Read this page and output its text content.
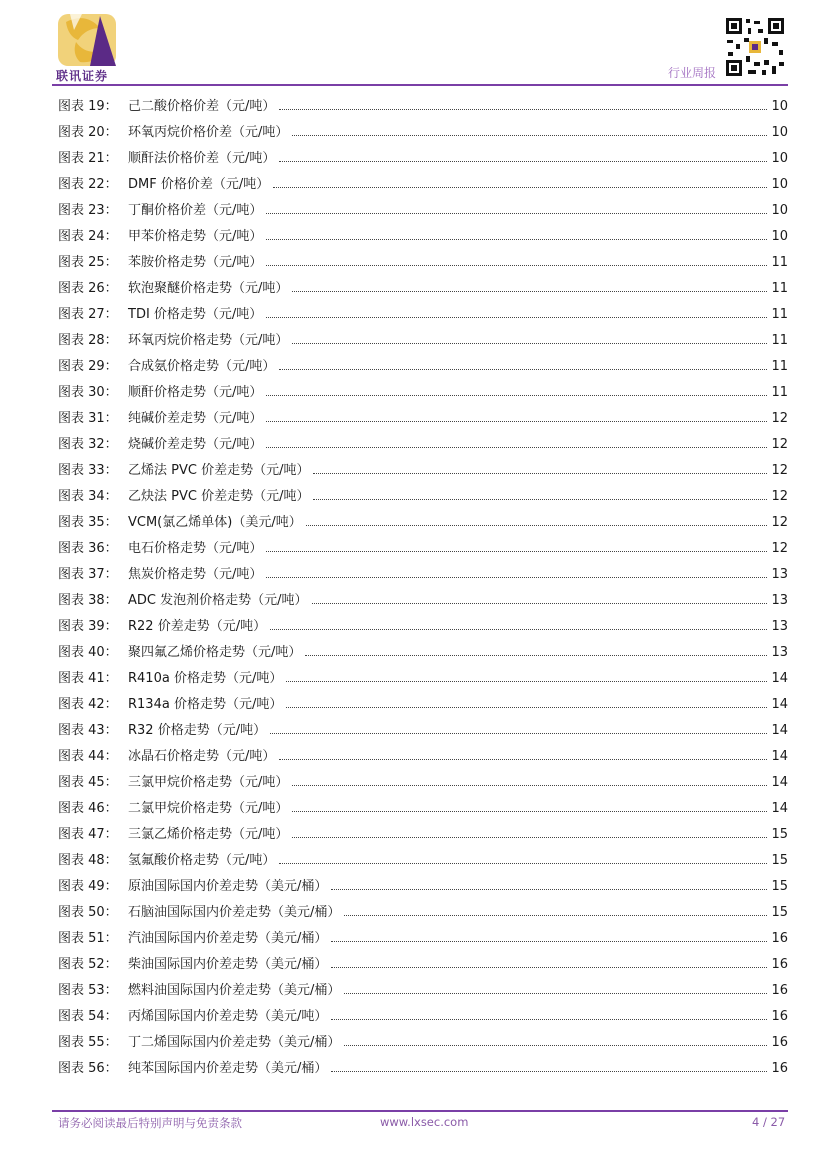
联讯证券	行业周报
图表 19： 己二酸价格价差（元/吨）	10
图表 20： 环氧丙烷价格价差（元/吨）	10
图表 21： 顺酐法价格价差（元/吨）	10
图表 22： DMF 价格价差（元/吨）	10
图表 23： 丁酮价格价差（元/吨）	10
图表 24： 甲苯价格走势（元/吨）	10
图表 25： 苯胺价格走势（元/吨）	11
图表 26： 软泡聚醚价格走势（元/吨）	11
图表 27： TDI 价格走势（元/吨）	11
图表 28： 环氧丙烷价格走势（元/吨）	11
图表 29： 合成氨价格走势（元/吨）	11
图表 30： 顺酐价格走势（元/吨）	11
图表 31： 纯碱价差走势（元/吨）	12
图表 32： 烧碱价差走势（元/吨）	12
图表 33： 乙烯法 PVC 价差走势（元/吨）	12
图表 34： 乙炔法 PVC 价差走势（元/吨）	12
图表 35： VCM(氯乙烯单体)（美元/吨）	12
图表 36： 电石价格走势（元/吨）	12
图表 37： 焦炭价格走势（元/吨）	13
图表 38： ADC 发泡剂价格走势（元/吨）	13
图表 39： R22 价差走势（元/吨）	13
图表 40： 聚四氟乙烯价格走势（元/吨）	13
图表 41： R410a 价格走势（元/吨）	14
图表 42： R134a 价格走势（元/吨）	14
图表 43： R32 价格走势（元/吨）	14
图表 44： 冰晶石价格走势（元/吨）	14
图表 45： 三氯甲烷价格走势（元/吨）	14
图表 46： 二氯甲烷价格走势（元/吨）	14
图表 47： 三氯乙烯价格走势（元/吨）	15
图表 48： 氢氟酸价格走势（元/吨）	15
图表 49： 原油国际国内价差走势（美元/桶）	15
图表 50： 石脑油国际国内价差走势（美元/桶）	15
图表 51： 汽油国际国内价差走势（美元/桶）	16
图表 52： 柴油国际国内价差走势（美元/桶）	16
图表 53： 燃料油国际国内价差走势（美元/桶）	16
图表 54： 丙烯国际国内价差走势（美元/吨）	16
图表 55： 丁二烯国际国内价差走势（美元/桶）	16
图表 56： 纯苯国际国内价差走势（美元/桶）	16
请务必阅读最后特别声明与免责条款	www.lxsec.com	4 / 27
